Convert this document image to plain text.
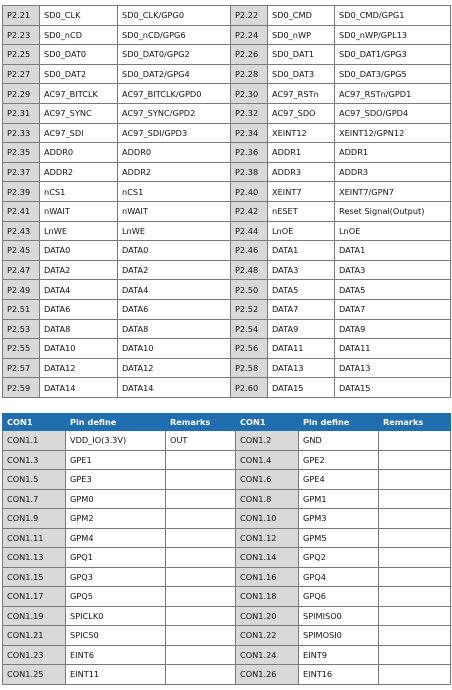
P2.21	SD0_CLK	SD0_CLK/GPG0	P2.22	SD0_CMD	SD0_CMD/GPG1
P2.23	SD0_nCD	SD0_nCD/GPG6	P2.24	SD0_nWP	SD0_nWP/GPL13
P2.25	SD0_DAT0	SD0_DAT0/GPG2	P2.26	SD0_DAT1	SD0_DAT1/GPG3
P2.27	SD0_DAT2	SD0_DAT2/GPG4	P2.28	SD0_DAT3	SD0_DAT3/GPG5
P2.29	AC97_BITCLK	AC97_BITCLK/GPD0	P2.30	AC97_RSTn	AC97_RSTn/GPD1
P2.31	AC97_SYNC	AC97_SYNC/GPD2	P2.32	AC97_SDO	AC97_SDO/GPD4
P2.33	AC97_SDI	AC97_SDI/GPD3	P2.34	XEINT12	XEINT12/GPN12
P2.35	ADDR0	ADDR0	P2.36	ADDR1	ADDR1
P2.37	ADDR2	ADDR2	P2.38	ADDR3	ADDR3
P2.39	nCS1	nCS1	P2.40	XEINT7	XEINT7/GPN7
P2.41	nWAIT	nWAIT	P2.42	nESET	Reset Signal(Output)
P2.43	LnWE	LnWE	P2.44	LnOE	LnOE
P2.45	DATA0	DATA0	P2.46	DATA1	DATA1
P2.47	DATA2	DATA2	P2.48	DATA3	DATA3
P2.49	DATA4	DATA4	P2.50	DATA5	DATA5
P2.51	DATA6	DATA6	P2.52	DATA7	DATA7
P2.53	DATA8	DATA8	P2.54	DATA9	DATA9
P2.55	DATA10	DATA10	P2.56	DATA11	DATA11
P2.57	DATA12	DATA12	P2.58	DATA13	DATA13
P2.59	DATA14	DATA14	P2.60	DATA15	DATA15
CON1	Pin define	Remarks	CON1	Pin define	Remarks
CON1.1	VDD_IO(3.3V)	OUT	CON1.2	GND	
CON1.3	GPE1		CON1.4	GPE2	
CON1.5	GPE3		CON1.6	GPE4	
CON1.7	GPM0		CON1.8	GPM1	
CON1.9	GPM2		CON1.10	GPM3	
CON1.11	GPM4		CON1.12	GPM5	
CON1.13	GPQ1		CON1.14	GPQ2	
CON1.15	GPQ3		CON1.16	GPQ4	
CON1.17	GPQ5		CON1.18	GPQ6	
CON1.19	SPICLK0		CON1.20	SPIMISO0	
CON1.21	SPICS0		CON1.22	SPIMOSI0	
CON1.23	EINT6		CON1.24	EINT9	
CON1.25	EINT11		CON1.26	EINT16	
